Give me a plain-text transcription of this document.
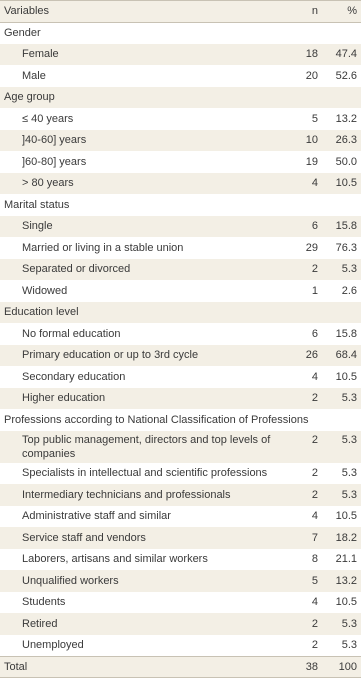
Variables	n	%
Gender		
Female	18	47.4
Male	20	52.6
Age group		
≤ 40 years	5	13.2
]40-60] years	10	26.3
]60-80] years	19	50.0
> 80 years	4	10.5
Marital status		
Single	6	15.8
Married or living in a stable union	29	76.3
Separated or divorced	2	5.3
Widowed	1	2.6
Education level		
No formal education	6	15.8
Primary education or up to 3rd cycle	26	68.4
Secondary education	4	10.5
Higher education	2	5.3
Professions according to National Classification of Professions		
Top public management, directors and top levels of companies	2	5.3
Specialists in intellectual and scientific professions	2	5.3
Intermediary technicians and professionals	2	5.3
Administrative staff and similar	4	10.5
Service staff and vendors	7	18.2
Laborers, artisans and similar workers	8	21.1
Unqualified workers	5	13.2
Students	4	10.5
Retired	2	5.3
Unemployed	2	5.3
Total	38	100
